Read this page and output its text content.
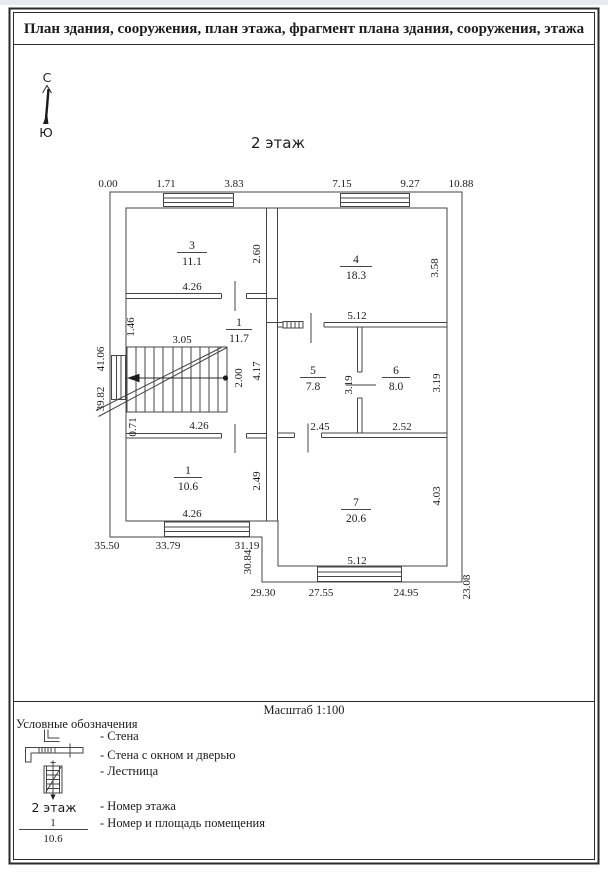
План здания, сооружения, план этажа, фрагмент плана здания, сооружения, этажа
С
Ю
2 этаж
0.00	1.71	3.83	7.15	9.27	10.88
41.06
39.82
35.50	33.79	31.19
30.84
29.30	27.55	24.95	23.08
4.26
2.60
5.12
3.58
1.46
3.05
2.00 4.17
0.71	4.26	2.45	2.52
3.19	3.19
2.49
4.26
5.12
4.03
3
11.1	4
18.3
1
11.7
5
7.8
6
8.0
1
10.6
7
20.6
Масштаб 1:100
Условные обозначения
- Стена
- Стена с окном и дверью
- Лестница
2 этаж - Номер этажа
1
10.6
- Номер и площадь помещения
